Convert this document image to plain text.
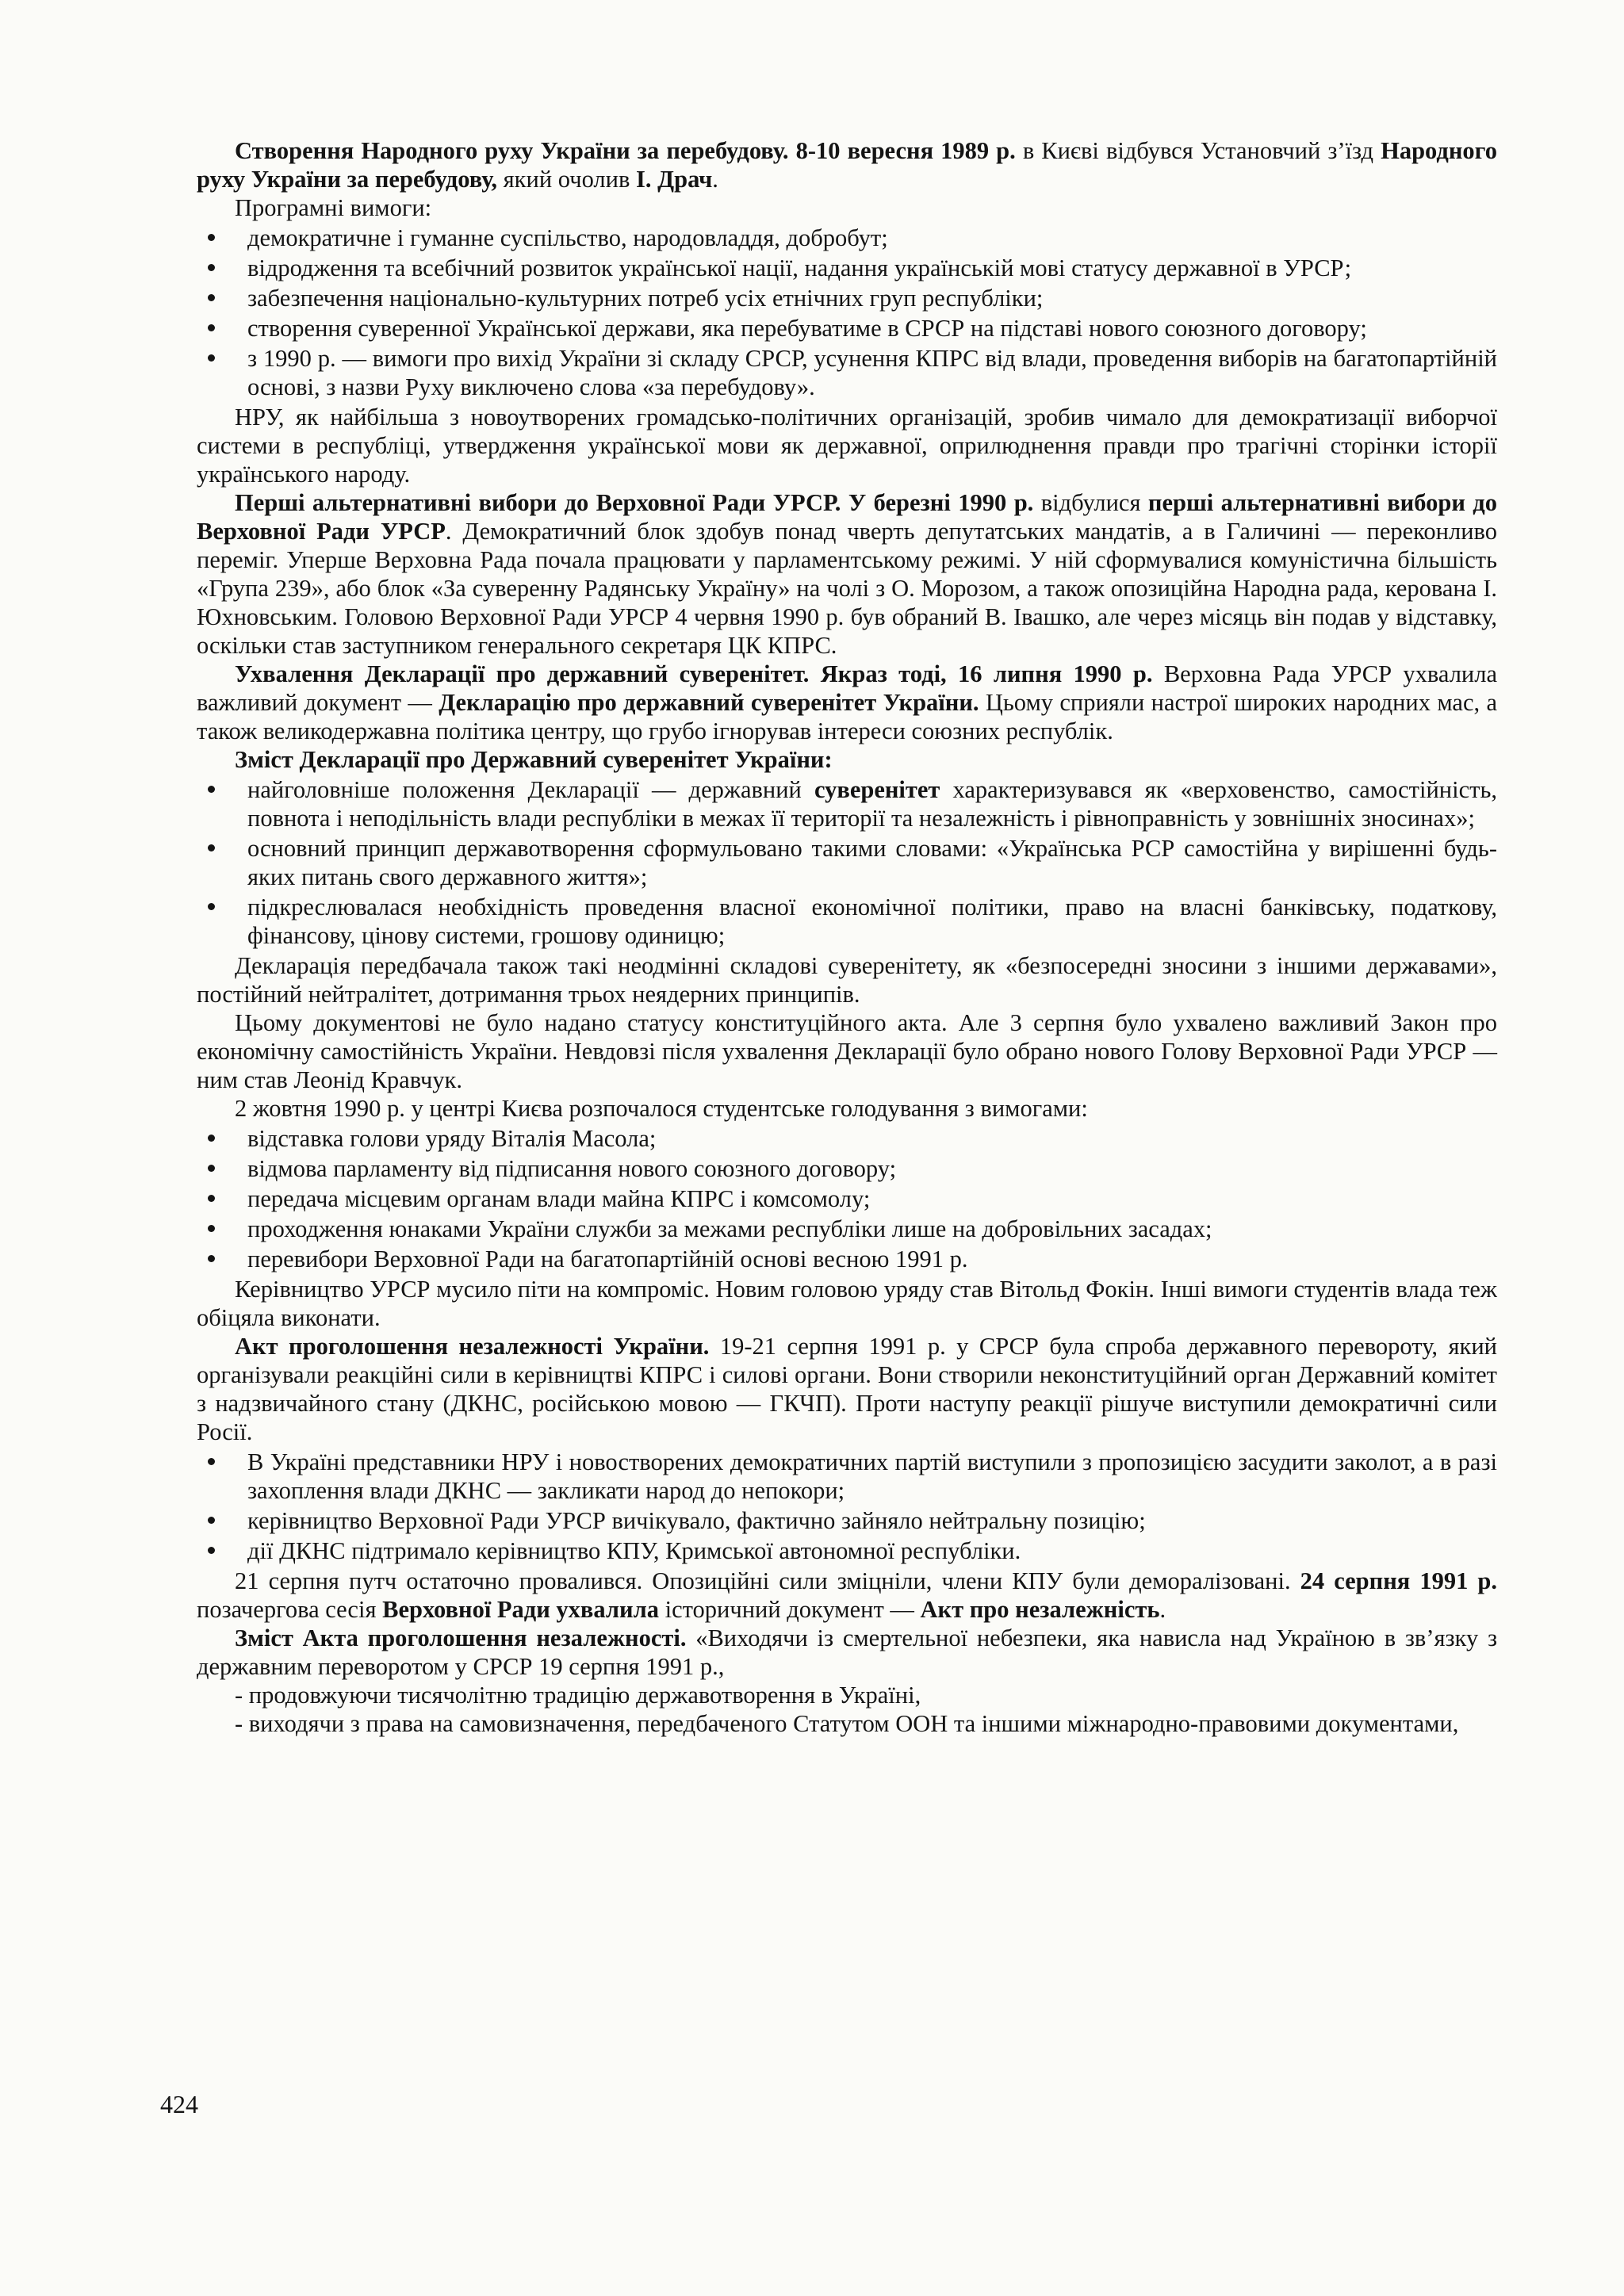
Створення Народного руху України за перебудову. 8-10 вересня 1989 р. в Києві відбувся Установчий з’їзд Народного руху України за перебудову, який очолив І. Драч.

Програмні вимоги:

демократичне і гуманне суспільство, народовладдя, добробут;
відродження та всебічний розвиток української нації, надання українській мові статусу державної в УРСР;
забезпечення національно-культурних потреб усіх етнічних груп республіки;
створення суверенної Української держави, яка перебуватиме в СРСР на підставі нового союзного договору;
з 1990 р. — вимоги про вихід України зі складу СРСР, усунення КПРС від влади, проведення виборів на багатопартійній основі, з назви Руху виключено слова «за перебудову».

НРУ, як найбільша з новоутворених громадсько-політичних організацій, зробив чимало для демократизації виборчої системи в республіці, утвердження української мови як державної, оприлюднення правди про трагічні сторінки історії українського народу.

Перші альтернативні вибори до Верховної Ради УРСР. У березні 1990 р. відбулися перші альтернативні вибори до Верховної Ради УРСР. Демократичний блок здобув понад чверть депутатських мандатів, а в Галичині — переконливо переміг. Уперше Верховна Рада почала працювати у парламентському режимі. У ній сформувалися комуністична більшість «Група 239», або блок «За суверенну Радянську Україну» на чолі з О. Морозом, а також опозиційна Народна рада, керована І. Юхновським. Головою Верховної Ради УРСР 4 червня 1990 р. був обраний В. Івашко, але через місяць він подав у відставку, оскільки став заступником генерального секретаря ЦК КПРС.

Ухвалення Декларації про державний суверенітет. Якраз тоді, 16 липня 1990 р. Верховна Рада УРСР ухвалила важливий документ — Декларацію про державний суверенітет України. Цьому сприяли настрої широких народних мас, а також великодержавна політика центру, що грубо ігнорував інтереси союзних республік.

Зміст Декларації про Державний суверенітет України:

найголовніше положення Декларації — державний суверенітет характеризувався як «верховенство, самостійність, повнота і неподільність влади республіки в межах її території та незалежність і рівноправність у зовнішніх зносинах»;
основний принцип державотворення сформульовано такими словами: «Українська РСР самостійна у вирішенні будь-яких питань свого державного життя»;
підкреслювалася необхідність проведення власної економічної політики, право на власні банківську, податкову, фінансову, цінову системи, грошову одиницю;

Декларація передбачала також такі неодмінні складові суверенітету, як «безпосередні зносини з іншими державами», постійний нейтралітет, дотримання трьох неядерних принципів.

Цьому документові не було надано статусу конституційного акта. Але 3 серпня було ухвалено важливий Закон про економічну самостійність України. Невдовзі після ухвалення Декларації було обрано нового Голову Верховної Ради УРСР — ним став Леонід Кравчук.

2 жовтня 1990 р. у центрі Києва розпочалося студентське голодування з вимогами:

відставка голови уряду Віталія Масола;
відмова парламенту від підписання нового союзного договору;
передача місцевим органам влади майна КПРС і комсомолу;
проходження юнаками України служби за межами республіки лише на добровільних засадах;
перевибори Верховної Ради на багатопартійній основі весною 1991 р.

Керівництво УРСР мусило піти на компроміс. Новим головою уряду став Вітольд Фокін. Інші вимоги студентів влада теж обіцяла виконати.

Акт проголошення незалежності України. 19-21 серпня 1991 р. у СРСР була спроба державного перевороту, який організували реакційні сили в керівництві КПРС і силові органи. Вони створили неконституційний орган Державний комітет з надзвичайного стану (ДКНС, російською мовою — ГКЧП). Проти наступу реакції рішуче виступили демократичні сили Росії.

В Україні представники НРУ і новостворених демократичних партій виступили з пропозицією засудити заколот, а в разі захоплення влади ДКНС — закликати народ до непокори;
керівництво Верховної Ради УРСР вичікувало, фактично зайняло нейтральну позицію;
дії ДКНС підтримало керівництво КПУ, Кримської автономної республіки.

21 серпня путч остаточно провалився. Опозиційні сили зміцніли, члени КПУ були деморалізовані. 24 серпня 1991 р. позачергова сесія Верховної Ради ухвалила історичний документ — Акт про незалежність.

Зміст Акта проголошення незалежності. «Виходячи із смертельної небезпеки, яка нависла над Україною в зв’язку з державним переворотом у СРСР 19 серпня 1991 р.,

- продовжуючи тисячолітню традицію державотворення в Україні,

- виходячи з права на самовизначення, передбаченого Статутом ООН та іншими міжнародно-правовими документами,

424
